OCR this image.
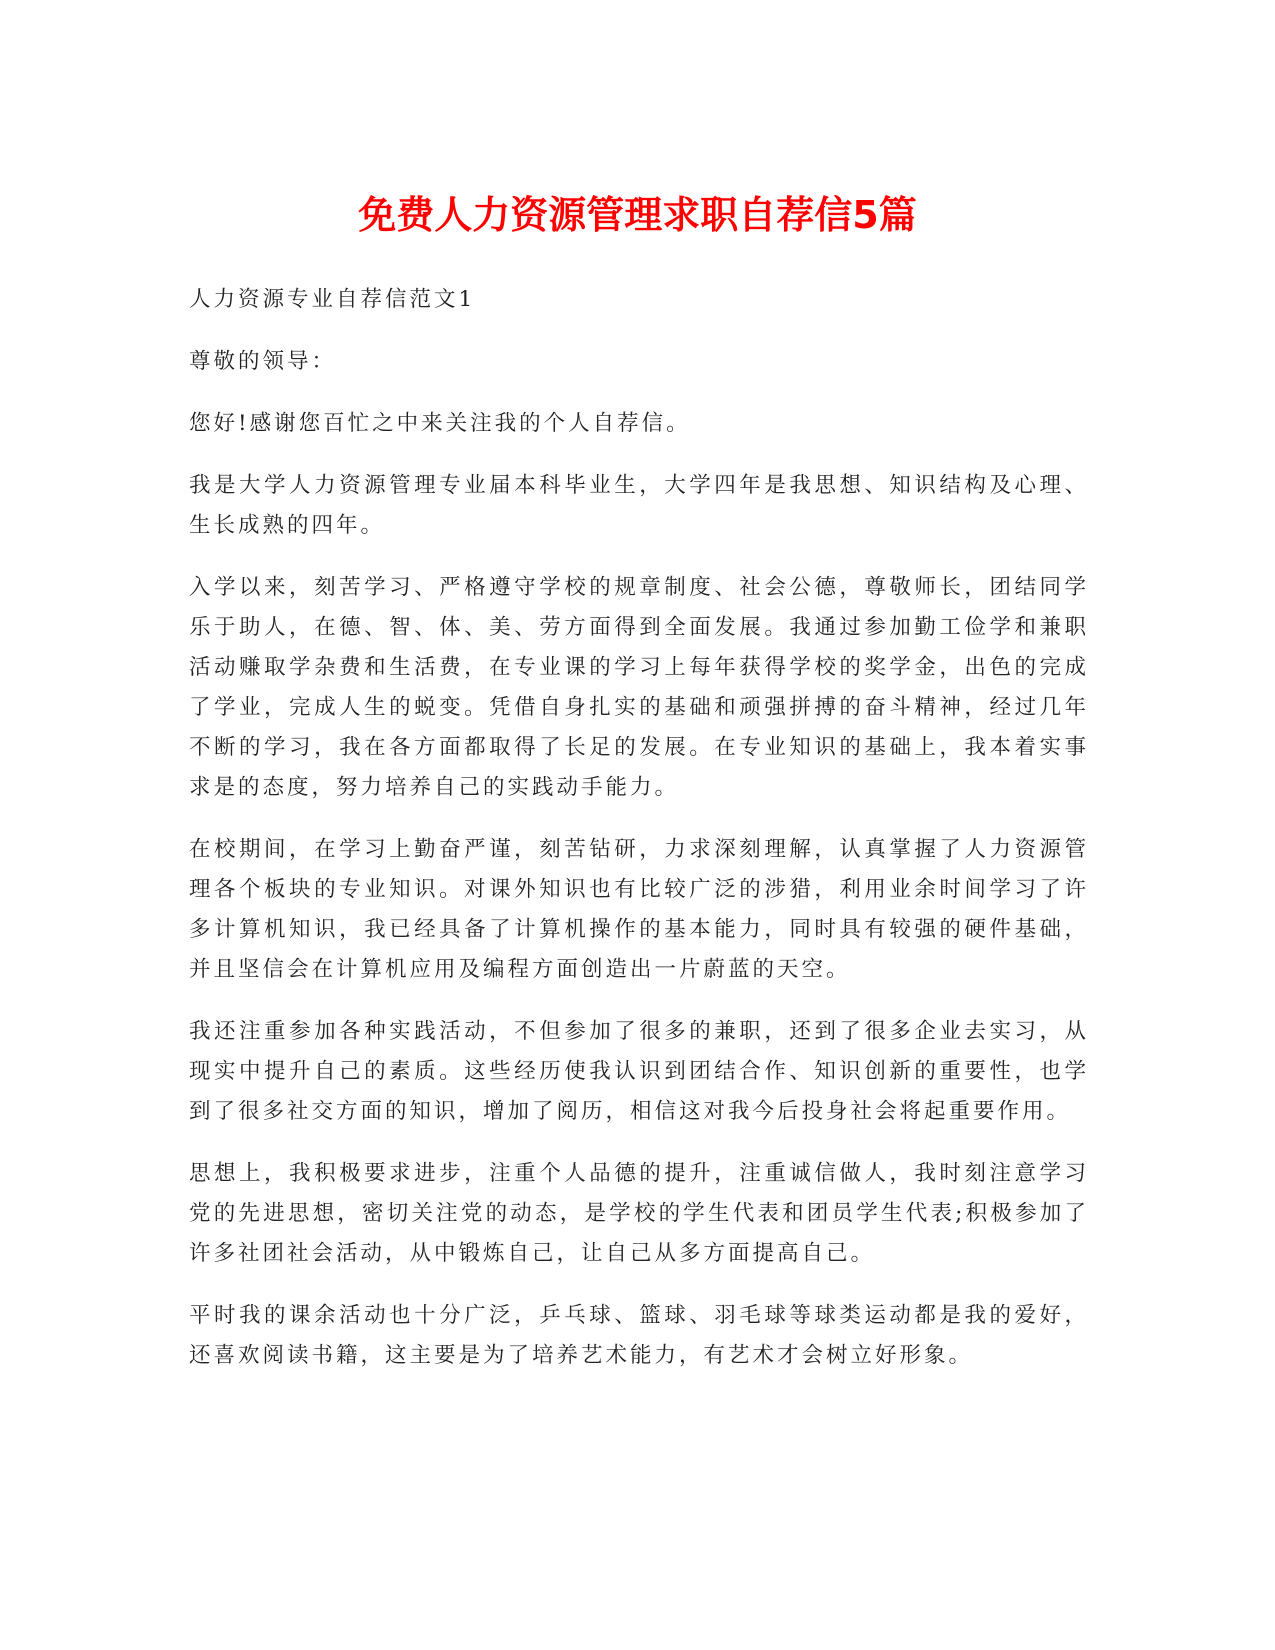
免费人力资源管理求职自荐信5篇

人力资源专业自荐信范文1

尊敬的领导：

您好!感谢您百忙之中来关注我的个人自荐信。

我是大学人力资源管理专业届本科毕业生，大学四年是我思想、知识结构及心理、生长成熟的四年。

入学以来，刻苦学习、严格遵守学校的规章制度、社会公德，尊敬师长，团结同学乐于助人，在德、智、体、美、劳方面得到全面发展。我通过参加勤工俭学和兼职活动赚取学杂费和生活费，在专业课的学习上每年获得学校的奖学金，出色的完成了学业，完成人生的蜕变。凭借自身扎实的基础和顽强拼搏的奋斗精神，经过几年不断的学习，我在各方面都取得了长足的发展。在专业知识的基础上，我本着实事求是的态度，努力培养自己的实践动手能力。

在校期间，在学习上勤奋严谨，刻苦钻研，力求深刻理解，认真掌握了人力资源管理各个板块的专业知识。对课外知识也有比较广泛的涉猎，利用业余时间学习了许多计算机知识，我已经具备了计算机操作的基本能力，同时具有较强的硬件基础，并且坚信会在计算机应用及编程方面创造出一片蔚蓝的天空。

我还注重参加各种实践活动，不但参加了很多的兼职，还到了很多企业去实习，从现实中提升自己的素质。这些经历使我认识到团结合作、知识创新的重要性，也学到了很多社交方面的知识，增加了阅历，相信这对我今后投身社会将起重要作用。

思想上，我积极要求进步，注重个人品德的提升，注重诚信做人，我时刻注意学习党的先进思想，密切关注党的动态，是学校的学生代表和团员学生代表;积极参加了许多社团社会活动，从中锻炼自己，让自己从多方面提高自己。

平时我的课余活动也十分广泛，乒乓球、篮球、羽毛球等球类运动都是我的爱好，还喜欢阅读书籍，这主要是为了培养艺术能力，有艺术才会树立好形象。
